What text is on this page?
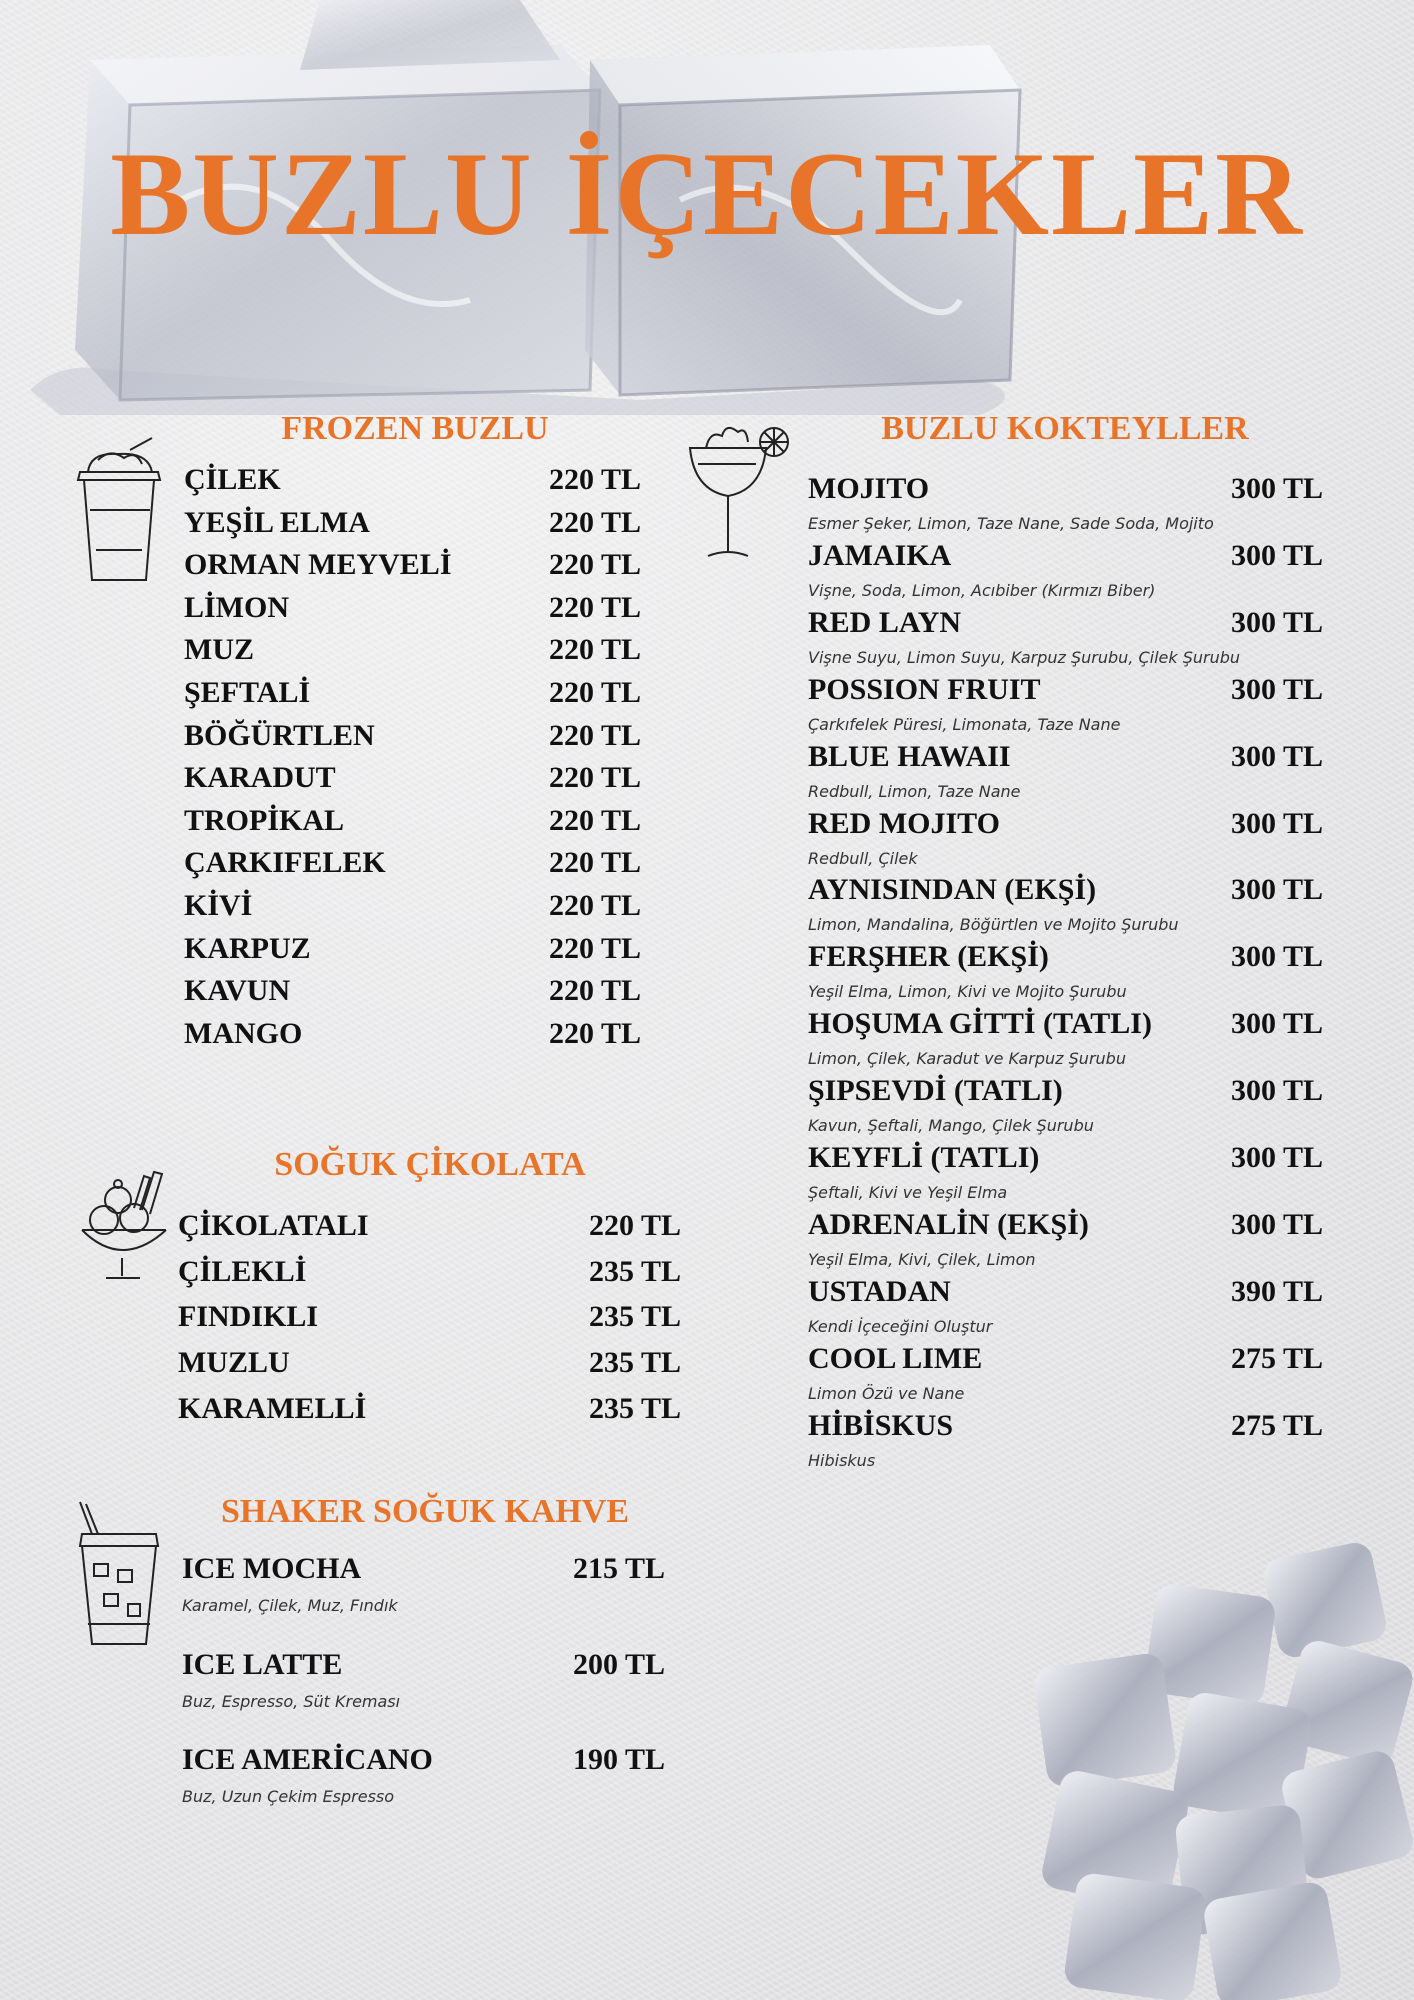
BUZLU İÇECEKLER
FROZEN BUZLU
ÇİLEK	220 TL
YEŞİL ELMA	220 TL
ORMAN MEYVELİ	220 TL
LİMON	220 TL
MUZ	220 TL
ŞEFTALİ	220 TL
BÖĞÜRTLEN	220 TL
KARADUT	220 TL
TROPİKAL	220 TL
ÇARKIFELEK	220 TL
KİVİ	220 TL
KARPUZ	220 TL
KAVUN	220 TL
MANGO	220 TL
SOĞUK ÇİKOLATA
ÇİKOLATALI	220 TL
ÇİLEKLİ	235 TL
FINDIKLI	235 TL
MUZLU	235 TL
KARAMELLİ	235 TL
SHAKER SOĞUK KAHVE
ICE MOCHA	215 TL
Karamel, Çilek, Muz, Fındık
ICE LATTE	200 TL
Buz, Espresso, Süt Kreması
ICE AMERİCANO	190 TL
Buz, Uzun Çekim Espresso
BUZLU KOKTEYLLER
MOJITO	300 TL
Esmer Şeker, Limon, Taze Nane, Sade Soda, Mojito
JAMAIKA	300 TL
Vişne, Soda, Limon, Acıbiber (Kırmızı Biber)
RED LAYN	300 TL
Vişne Suyu, Limon Suyu, Karpuz Şurubu, Çilek Şurubu
POSSION FRUIT	300 TL
Çarkıfelek Püresi, Limonata, Taze Nane
BLUE HAWAII	300 TL
Redbull, Limon, Taze Nane
RED MOJITO	300 TL
Redbull, Çilek
AYNISINDAN (EKŞİ)	300 TL
Limon, Mandalina, Böğürtlen ve Mojito Şurubu
FERŞHER (EKŞİ)	300 TL
Yeşil Elma, Limon, Kivi ve Mojito Şurubu
HOŞUMA GİTTİ (TATLI)	300 TL
Limon, Çilek, Karadut ve Karpuz Şurubu
ŞIPSEVDİ (TATLI)	300 TL
Kavun, Şeftali, Mango, Çilek Şurubu
KEYFLİ (TATLI)	300 TL
Şeftali, Kivi ve Yeşil Elma
ADRENALİN (EKŞİ)	300 TL
Yeşil Elma, Kivi, Çilek, Limon
USTADAN	390 TL
Kendi İçeceğini Oluştur
COOL LIME	275 TL
Limon Özü ve Nane
HİBİSKUS	275 TL
Hibiskus
